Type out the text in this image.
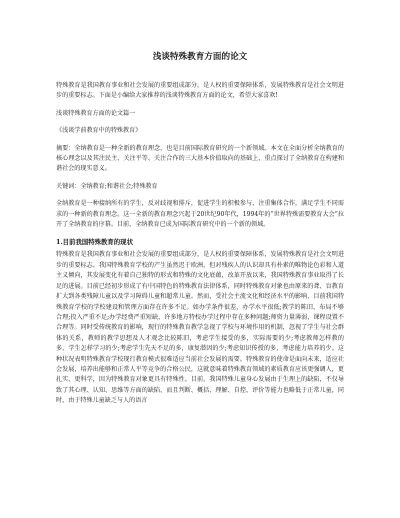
浅谈特殊教育方面的论文
特殊教育是我国教育事业和社会发展的重要组成部分，是人权的重要保障体系，发展特殊教育是社会文明进步的重要标志。下面是小编给大家推荐的浅谈特殊教育方面的论文，希望大家喜欢!
浅谈特殊教育方面的论文篇一
《浅谈学前教育中的特殊教育》
摘要：全纳教育是一种全新的教育理念，也是目前国际教育研究的一个新领域。本文在全面分析全纳教育的核心理念以及其注民主、关注平等、关注合作的三大基本价值取向的基础上，重点探讨了全纳教育在构建和谐社会的现实意义。
关键词：全纳教育;和谐社会;特殊教育
全纳教育是一种接纳所有的学生，反对歧视和排斥，促进学生的积极参与，注重集体合作，满足学生不同需求的一种新的教育理念。这一全新的教育理念兴起于20世纪90年代，1994年的“世界特殊需要教育大会”拉开了全纳教育的序幕。目前，全纳教育已成为国际教育研究中的一个新的领域。
1.目前我国特殊教育的现状
特殊教育是我国教育事业和社会发展的重要组成部分，是人权的重要保障体系，发展特殊教育是社会文明进步的重要标志。我国特殊教育学校的产生虽然迟于欧洲，但对残疾人的认识却具有朴素的唯物论色彩和人道主义倾向，其发展变化有着自己独特的形式和特殊的文化底蕴，改革开放以来，我国特殊教育事业取得了长足的进展。目前已经初步形成了有中国特色的特殊教育法律体系，同时特殊教育对象也由原来的聋、盲教育扩大到各类残障儿童以及学习障碍儿童和超常儿童。然而，受社会主流文化和经济水平的影响，目前我国特殊教育学校的学校建设和管理方面存在许多不足。如办学条件很差，办学水平很低;教学的陈旧、布局不够合理;投入严重不足;办学经费严重短缺，许多地方特校办学过程中存在多种问题;师资力量薄弱，课程设置不合理等。同时受传统教育的影响，现行的特殊教育教学急视了学校与环境作用的机制，忽视了学生与社会群体的关系，教师的教学思想及人才观念比较陈旧，考虑学生接受的多，实际需要的少;考虑教师怎样教的多，学生怎样学习的少;考虑学生先天不足的多，康复潜因的少;考虑知识传授的多，考虑能力培养的少。这种状况表明特殊教育学校现行教育模式很难适应当前社会发展的需要。特殊教育的使命是面向未来，适应社会发展，培养出能够和正常人平等竞争的合格公民，这就意味着特殊教育领域的素质教育应该更强调人，更扎实、更科学，因为特殊教育对象更具有特殊性。目前，我国特殊儿童身心发展由于生理上的缺陷，不仅导致了其心理、认知、思维等方面的缺陷，而且判断、概括、理解、自控、评价等能力也略低于正常儿童，同时，由于特殊儿童缺乏与人的语言
